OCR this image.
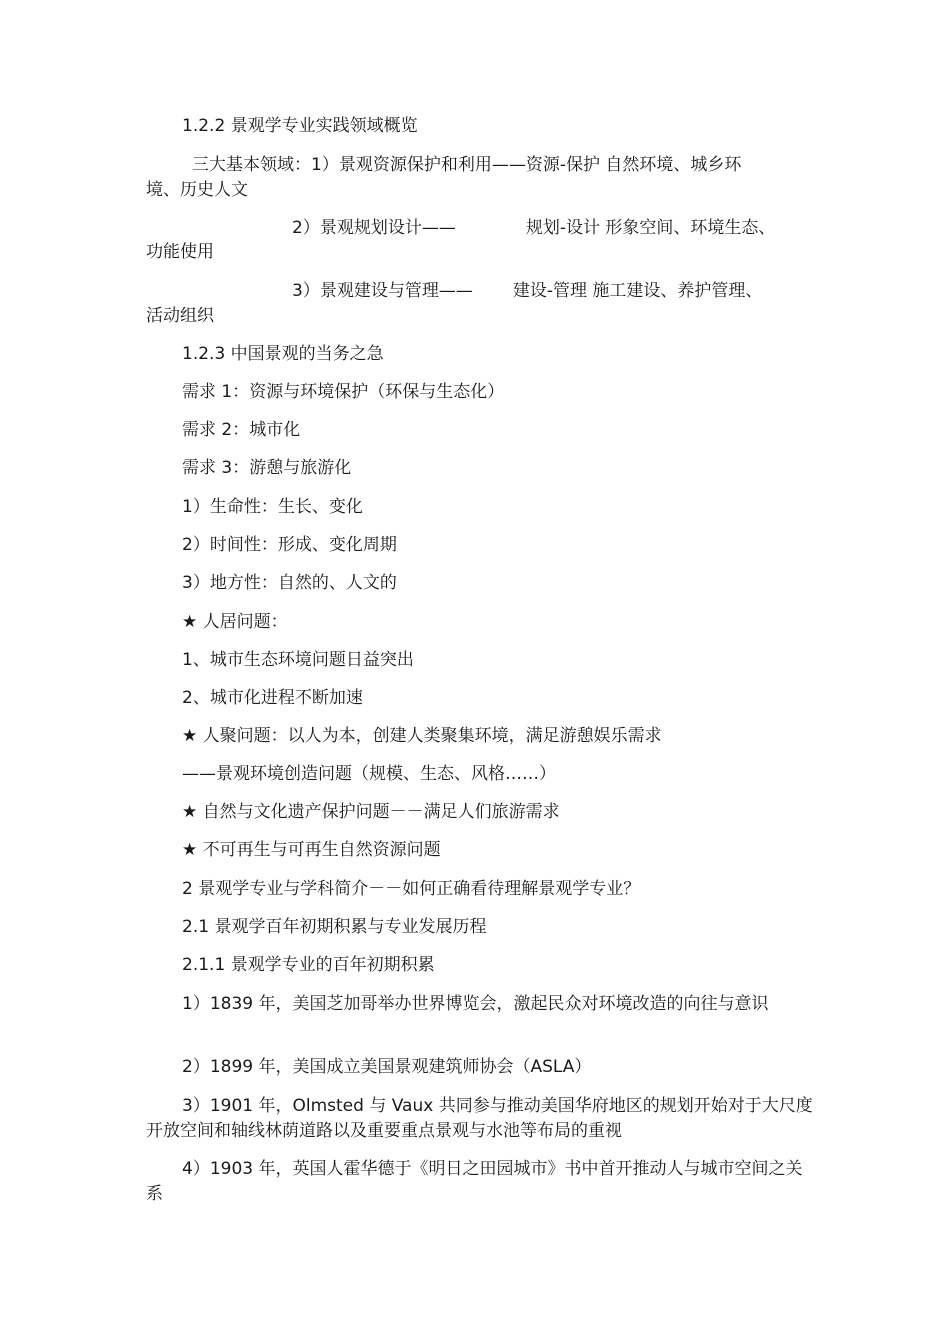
1.2.2 景观学专业实践领域概览
三大基本领域：1）景观资源保护和利用——资源-保护 自然环境、城乡环
境、历史人文
2）景观规划设计——	规划-设计 形象空间、环境生态、
功能使用
3）景观建设与管理—— 建设-管理 施工建设、养护管理、
活动组织
1.2.3 中国景观的当务之急
需求 1：资源与环境保护（环保与生态化）
需求 2：城市化
需求 3：游憩与旅游化
1）生命性：生长、变化
2）时间性：形成、变化周期
3）地方性：自然的、人文的
★ 人居问题：
1、城市生态环境问题日益突出
2、城市化进程不断加速
★ 人聚问题：以人为本，创建人类聚集环境，满足游憩娱乐需求
——景观环境创造问题（规模、生态、风格……）
★ 自然与文化遗产保护问题－－满足人们旅游需求
★ 不可再生与可再生自然资源问题
2 景观学专业与学科简介－－如何正确看待理解景观学专业？
2.1 景观学百年初期积累与专业发展历程
2.1.1 景观学专业的百年初期积累
1）1839 年，美国芝加哥举办世界博览会，激起民众对环境改造的向往与意识
2）1899 年，美国成立美国景观建筑师协会（ASLA）
3）1901 年，Olmsted 与 Vaux 共同参与推动美国华府地区的规划开始对于大尺度开放空间和轴线林荫道路以及重要重点景观与水池等布局的重视
4）1903 年，英国人霍华德于《明日之田园城市》书中首开推动人与城市空间之关系
